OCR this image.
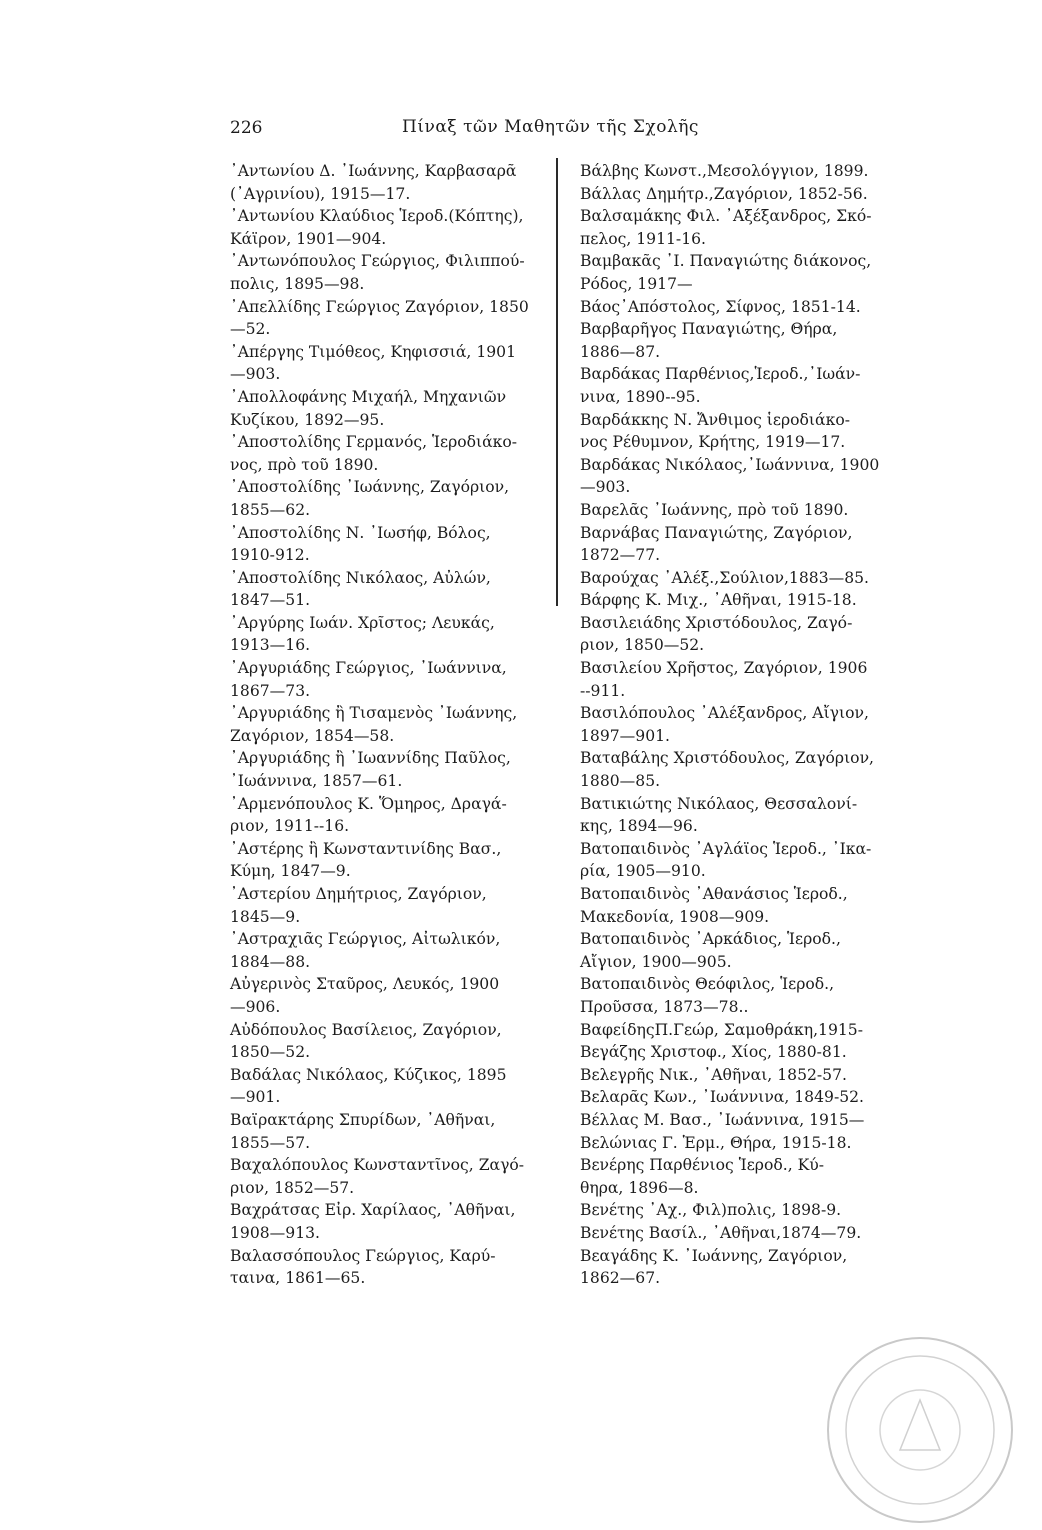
226	Πίναξ τῶν Μαθητῶν τῆς Σχολῆς
᾿Αντωνίου Δ. ᾿Ιωάννης, Καρβασαρᾶ
(᾿Αγρινίου), 1915—17.
᾿Αντωνίου Κλαύδιος Ἱερoδ.(Κόπτης),
Κάϊρον, 1901—904.
᾿Αντωνόπουλος Γεώργιος, Φιλιππού-
πολις, 1895—98.
᾿Απελλίδης Γεώργιος Ζαγόριον, 1850
—52.
᾿Απέργης Τιμόθεος, Κηφισσιά, 1901
—903.
᾿Απολλοφάνης Μιχαήλ, Μηχανιῶν
Κυζίκου, 1892—95.
᾿Αποστολίδης Γερμανός, Ἱεροδιάκο-
νος, πρὸ τοῦ 1890.
᾿Αποστολίδης ᾿Ιωάννης, Ζαγόριον,
1855—62.
᾿Αποστολίδης Ν. ᾿Ιωσήφ, Βόλος,
1910-912.
᾿Αποστολίδης Νικόλαος, Αὐλών,
1847—51.
᾿Αργύρης Ιωάν. Χρῖστος; Λευκάς,
1913—16.
᾿Αργυριάδης Γεώργιος, ᾿Ιωάννινα,
1867—73.
᾿Αργυριάδης ἢ Τισαμενὸς ᾿Ιωάννης,
Ζαγόριον, 1854—58.
᾿Αργυριάδης ἢ ᾿Ιωαννίδης Παῦλος,
᾿Ιωάννινα, 1857—61.
᾿Αρμενόπουλος Κ. Ὅμηρος, Δραγά-
ριον, 1911--16.
᾿Αστέρης ἢ Κωνσταντινίδης Βασ.,
Κύμη, 1847—9.
᾿Αστερίου Δημήτριος, Ζαγόριον,
1845—9.
᾿Αστραχιᾶς Γεώργιος, Αἰτωλικόν,
1884—88.
Αὐγερινὸς Σταῦρος, Λευκός, 1900
—906.
Αὐδόπουλος Βασίλειος, Ζαγόριον,
1850—52.
Βαδάλας Νικόλαος, Κύζικος, 1895
—901.
Βαϊρακτάρης Σπυρίδων, ᾿Αθῆναι,
1855—57.
Βαχαλόπουλος Κωνσταντῖνος, Ζαγό-
ριον, 1852—57.
Βαχράτσας Εἰρ. Χαρίλαος, ᾿Αθῆναι,
1908—913.
Βαλασσόπουλος Γεώργιος, Καρύ-
ταινα, 1861—65.
Βάλβης Κωνστ.,Μεσολόγγιον, 1899.
Βάλλας Δημήτρ.,Ζαγόριον, 1852-56.
Βαλσαμάκης Φιλ. ᾿Αξέξανδρος, Σκό-
πελος, 1911-16.
Βαμβακᾶς ᾿Ι. Παναγιώτης διάκονος,
Ρόδος, 1917—
Βάος᾿Απόστολος, Σίφνος, 1851-14.
Βαρβαρῆγος Παναγιώτης, Θήρα,
1886—87.
Βαρδάκας Παρθένιος,Ἱεροδ.,᾿Ιωάν-
νινα, 1890--95.
Βαρδάκκης Ν. Ἄνθιμος ἱεροδιάκο-
νος Ρέθυμνον, Κρήτης, 1919—17.
Βαρδάκας Νικόλαος,᾿Ιωάννινα, 1900
—903.
Βαρελᾶς ᾿Ιωάννης, πρὸ τοῦ 1890.
Βαρνάβας Παναγιώτης, Ζαγόριον,
1872—77.
Βαρούχας ᾿Αλέξ.,Σούλιον,1883—85.
Βάρφης Κ. Μιχ., ᾿Αθῆναι, 1915-18.
Βασιλειάδης Χριστόδουλος, Ζαγό-
ριον, 1850—52.
Βασιλείου Χρῆστος, Ζαγόριον, 1906
--911.
Βασιλόπουλος ᾿Αλέξανδρος, Αἴγιον,
1897—901.
Βαταβάλης Χριστόδουλος, Ζαγόριον,
1880—85.
Βατικιώτης Νικόλαος, Θεσσαλονί-
κης, 1894—96.
Βατοπαιδινὸς ᾿Αγλάϊος Ἱεροδ., ᾿Ικα-
ρία, 1905—910.
Βατοπαιδινὸς ᾿Αθανάσιος Ἱεροδ.,
Μακεδονία, 1908—909.
Βατοπαιδινὸς ᾿Αρκάδιος, Ἱεροδ.,
Αἴγιον, 1900—905.
Βατοπαιδινὸς Θεόφιλος, Ἱεροδ.,
Προῦσσα, 1873—78..
ΒαφείδηςΠ.Γεώρ, Σαμοθράκη,1915-
Βεγάζης Χριστοφ., Χίος, 1880-81.
Βελεγρῆς Νικ., ᾿Αθῆναι, 1852-57.
Βελαρᾶς Κων., ᾿Ιωάννινα, 1849-52.
Βέλλας Μ. Βασ., ᾿Ιωάννινα, 1915—
Βελώνιας Γ. Ἑρμ., Θήρα, 1915-18.
Βενέρης Παρθένιος Ἱεροδ., Κύ-
θηρα, 1896—8.
Βενέτης ᾿Αχ., Φιλ)πολις, 1898-9.
Βενέτης Βασίλ., ᾿Αθῆναι,1874—79.
Βεαγάδης Κ. ᾿Ιωάννης, Ζαγόριον,
1862—67.
